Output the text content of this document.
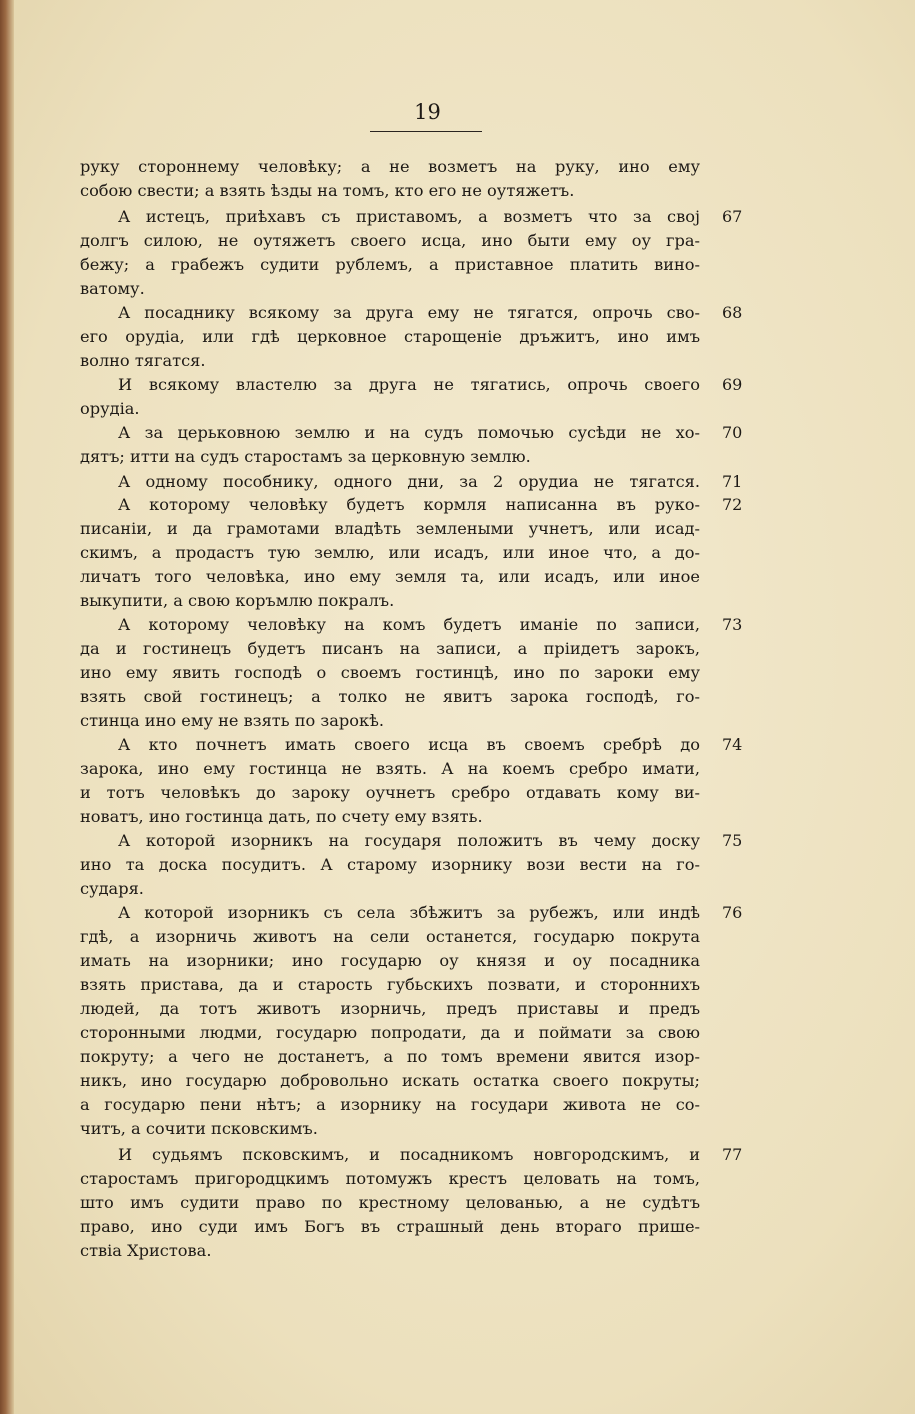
19
руку стороннему человѣку; а не возметъ на руку, ино ему
собою свести; а взять ѣзды на томъ, кто его не оутяжетъ.
А истецъ, приѣхавъ съ приставомъ, а возметъ что за своj
долгъ силою, не оутяжетъ своего исца, ино быти ему оу гра-
бежу; а грабежъ судити рублемъ, а приставное платить вино-
ватому.
А посаднику всякому за друга ему не тягатся, опрочь сво-
его орудiа, или гдѣ церковное старощенiе дръжитъ, ино имъ
волно тягатся.
И всякому властелю за друга не тягатись, опрочь своего
орудiа.
А за церьковною землю и на судъ помочью сусѣди не хо-
дятъ; итти на судъ старостамъ за церковную землю.
А одному пособнику, одного дни, за 2 орудиа не тягатся.
А которому человѣку будетъ кормля написанна въ руко-
писанiи, и да грамотами владѣть землеными учнетъ, или исад-
скимъ, а продастъ тую землю, или исадъ, или иное что, а до-
личатъ того человѣка, ино ему земля та, или исадъ, или иное
выкупити, а свою коръмлю покралъ.
А которому человѣку на комъ будетъ иманiе по записи,
да и гостинецъ будетъ писанъ на записи, а прiидетъ зарокъ,
ино ему явить господѣ о своемъ гостинцѣ, ино по зароки ему
взять свой гостинецъ; а толко не явитъ зарока господѣ, го-
стинца ино ему не взять по зарокѣ.
А кто почнетъ имать своего исца въ своемъ сребрѣ до
зарока, ино ему гостинца не взять. А на коемъ сребро имати,
и тотъ человѣкъ до зароку оучнетъ сребро отдавать кому ви-
новатъ, ино гостинца дать, по счету ему взять.
А которой изорникъ на государя положитъ въ чему доску
ино та доска посудитъ. А старому изорнику вози вести на го-
сударя.
А которой изорникъ съ села збѣжитъ за рубежъ, или индѣ
гдѣ, а изорничь животъ на сели останется, государю покрута
имать на изорники; ино государю оу князя и оу посадника
взять пристава, да и старость губьскихъ позвати, и стороннихъ
людей, да тотъ животъ изорничь, предъ приставы и предъ
сторонными людми, государю попродати, да и поймати за свою
покруту; а чего не достанетъ, а по томъ времени явится изор-
никъ, ино государю добровольно искать остатка своего покруты;
а государю пени нѣтъ; а изорнику на государи живота не со-
читъ, а сочити псковскимъ.
И судьямъ псковскимъ, и посадникомъ новгородскимъ, и
старостамъ пригородцкимъ потомужъ крестъ целовать на томъ,
што имъ судити право по крестному целованью, а не судѣтъ
право, ино суди имъ Богъ въ страшный день втораго прише-
ствiа Христова.
67
68
69
70
71
72
73
74
75
76
77
